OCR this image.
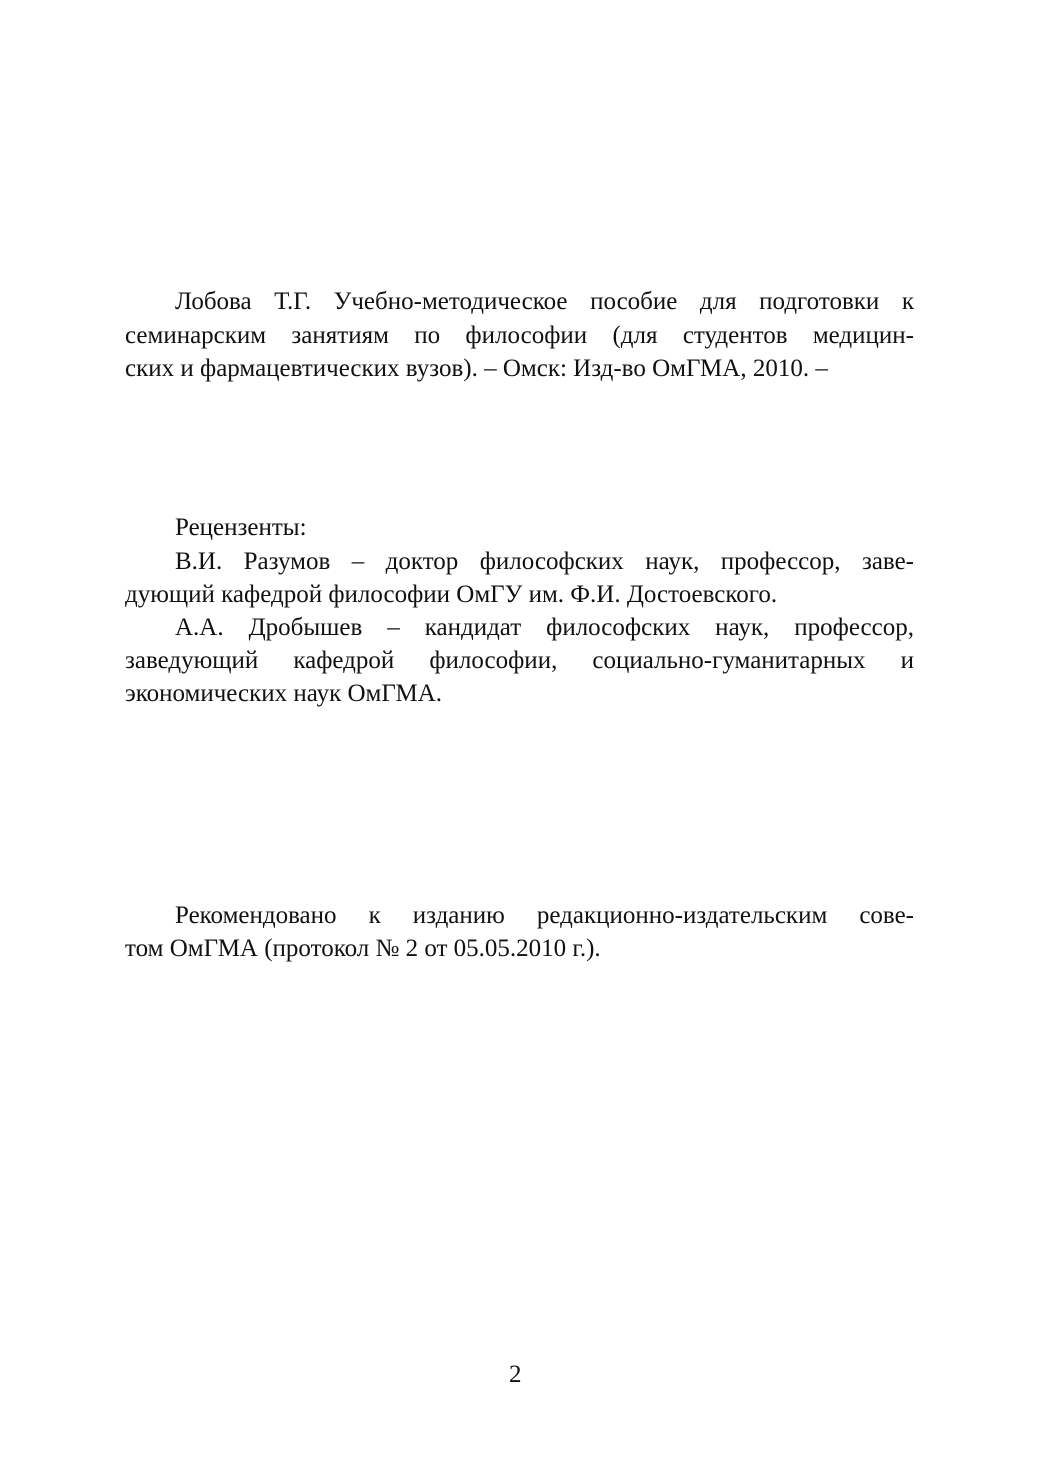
Лобова Т.Г. Учебно-методическое пособие для подготовки к
семинарским занятиям по философии (для студентов медицин-
ских и фармацевтических вузов). – Омск: Изд-во ОмГМА, 2010. –
Рецензенты:
В.И. Разумов – доктор философских наук, профессор, заве-
дующий кафедрой философии ОмГУ им. Ф.И. Достоевского.
А.А. Дробышев – кандидат философских наук, профессор,
заведующий кафедрой философии, социально-гуманитарных и
экономических наук ОмГМА.
Рекомендовано к изданию редакционно-издательским сове-
том ОмГМА (протокол № 2 от 05.05.2010 г.).
2
